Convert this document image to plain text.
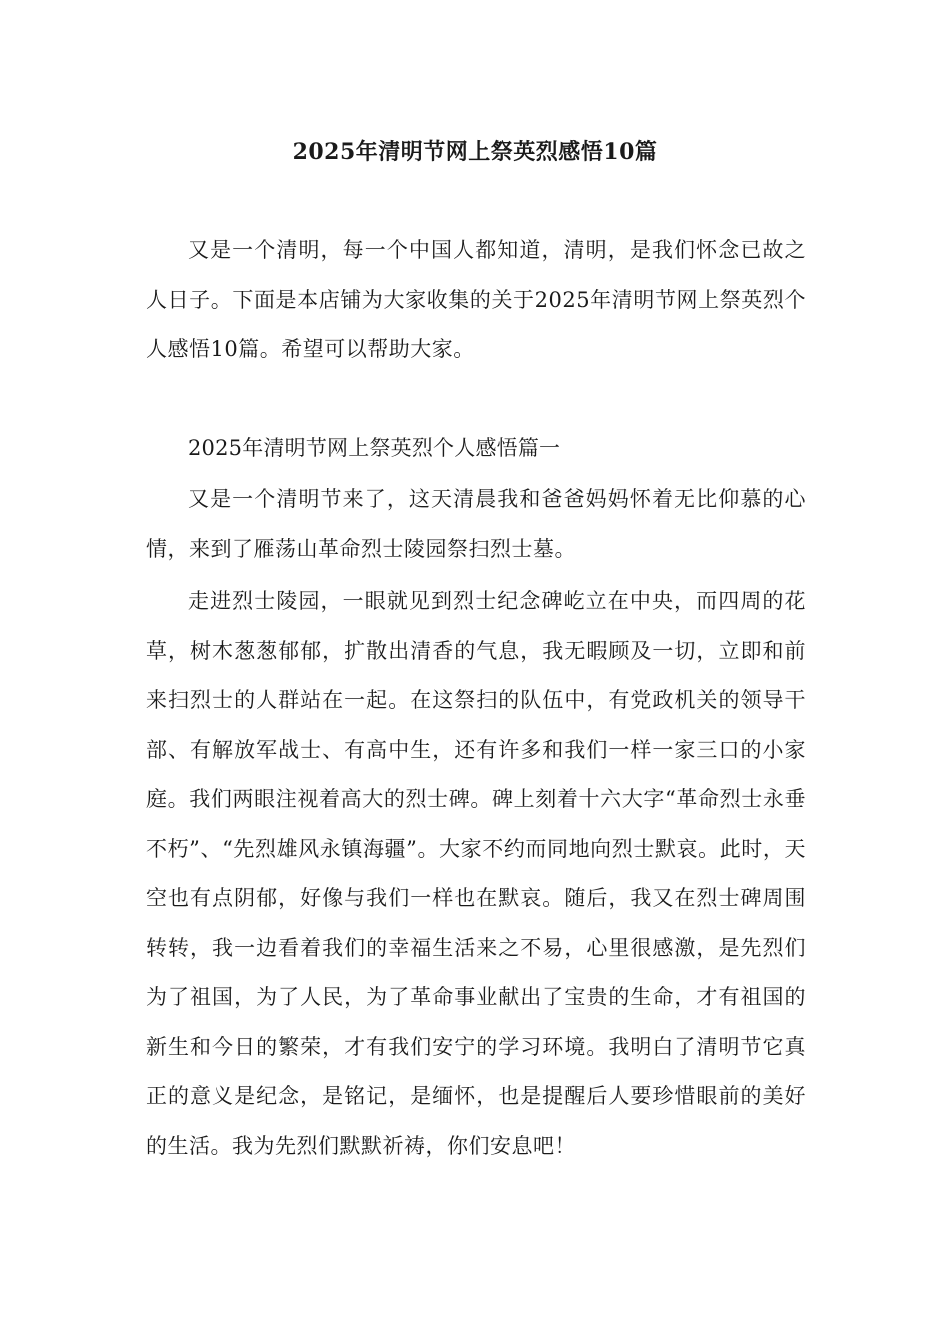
2025年清明节网上祭英烈感悟10篇

又是一个清明，每一个中国人都知道，清明，是我们怀念已故之人日子。下面是本店铺为大家收集的关于2025年清明节网上祭英烈个人感悟10篇。希望可以帮助大家。

2025年清明节网上祭英烈个人感悟篇一

又是一个清明节来了，这天清晨我和爸爸妈妈怀着无比仰慕的心情，来到了雁荡山革命烈士陵园祭扫烈士墓。

走进烈士陵园，一眼就见到烈士纪念碑屹立在中央，而四周的花草，树木葱葱郁郁，扩散出清香的气息，我无暇顾及一切，立即和前来扫烈士的人群站在一起。在这祭扫的队伍中，有党政机关的领导干部、有解放军战士、有高中生，还有许多和我们一样一家三口的小家庭。我们两眼注视着高大的烈士碑。碑上刻着十六大字“革命烈士永垂不朽”、“先烈雄风永镇海疆”。大家不约而同地向烈士默哀。此时，天空也有点阴郁，好像与我们一样也在默哀。随后，我又在烈士碑周围转转，我一边看着我们的幸福生活来之不易，心里很感激，是先烈们为了祖国，为了人民，为了革命事业献出了宝贵的生命，才有祖国的新生和今日的繁荣，才有我们安宁的学习环境。我明白了清明节它真正的意义是纪念，是铭记，是缅怀，也是提醒后人要珍惜眼前的美好的生活。我为先烈们默默祈祷，你们安息吧！
